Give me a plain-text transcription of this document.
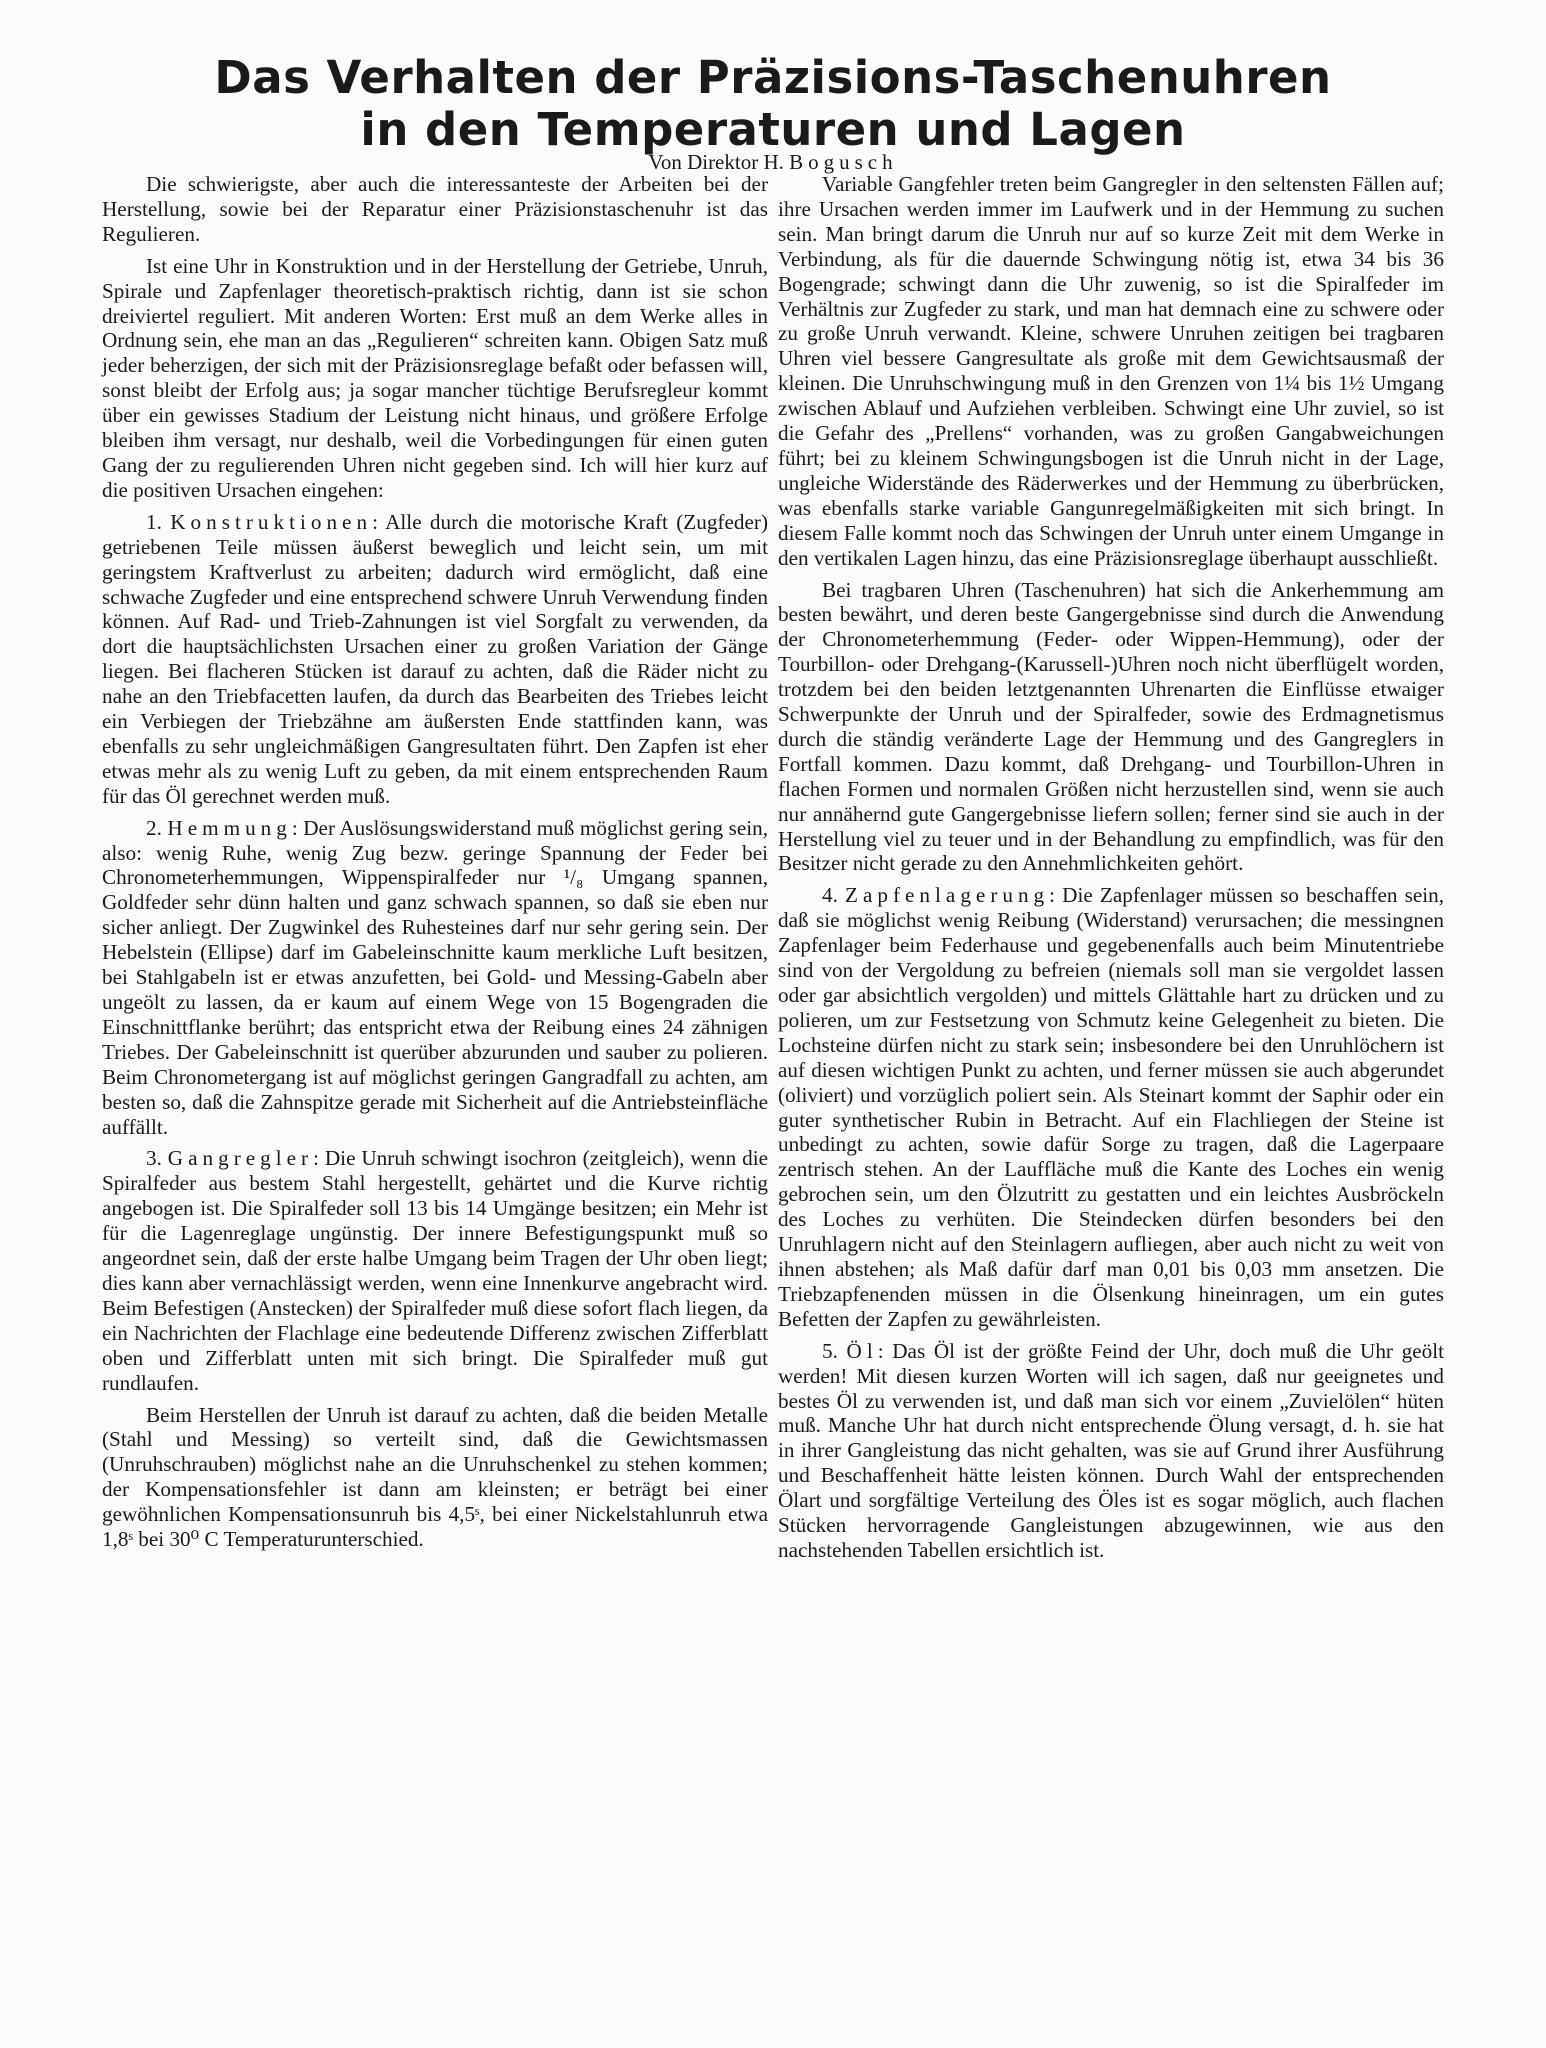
Das Verhalten der Präzisions-Taschenuhren
in den Temperaturen und Lagen
Von Direktor H. Bogusch

Die schwierigste, aber auch die interessanteste der Arbeiten bei der Herstellung, sowie bei der Reparatur einer Präzisionstaschenuhr ist das Regulieren.

Ist eine Uhr in Konstruktion und in der Herstellung der Getriebe, Unruh, Spirale und Zapfenlager theoretisch-praktisch richtig, dann ist sie schon dreiviertel reguliert. Mit anderen Worten: Erst muß an dem Werke alles in Ordnung sein, ehe man an das „Regulieren“ schreiten kann. Obigen Satz muß jeder beherzigen, der sich mit der Präzisionsreglage befaßt oder befassen will, sonst bleibt der Erfolg aus; ja sogar mancher tüchtige Berufsregleur kommt über ein gewisses Stadium der Leistung nicht hinaus, und größere Erfolge bleiben ihm versagt, nur deshalb, weil die Vorbedingungen für einen guten Gang der zu regulierenden Uhren nicht gegeben sind. Ich will hier kurz auf die positiven Ursachen eingehen:

1. Konstruktionen: Alle durch die motorische Kraft (Zugfeder) getriebenen Teile müssen äußerst beweglich und leicht sein, um mit geringstem Kraftverlust zu arbeiten; dadurch wird ermöglicht, daß eine schwache Zugfeder und eine entsprechend schwere Unruh Verwendung finden können. Auf Rad- und Trieb-Zahnungen ist viel Sorgfalt zu verwenden, da dort die hauptsächlichsten Ursachen einer zu großen Variation der Gänge liegen. Bei flacheren Stücken ist darauf zu achten, daß die Räder nicht zu nahe an den Triebfacetten laufen, da durch das Bearbeiten des Triebes leicht ein Verbiegen der Triebzähne am äußersten Ende stattfinden kann, was ebenfalls zu sehr ungleichmäßigen Gangresultaten führt. Den Zapfen ist eher etwas mehr als zu wenig Luft zu geben, da mit einem entsprechenden Raum für das Öl gerechnet werden muß.

2. Hemmung: Der Auslösungswiderstand muß möglichst gering sein, also: wenig Ruhe, wenig Zug bezw. geringe Spannung der Feder bei Chronometerhemmungen, Wippenspiralfeder nur ¹/₈ Umgang spannen, Goldfeder sehr dünn halten und ganz schwach spannen, so daß sie eben nur sicher anliegt. Der Zugwinkel des Ruhesteines darf nur sehr gering sein. Der Hebelstein (Ellipse) darf im Gabeleinschnitte kaum merkliche Luft besitzen, bei Stahlgabeln ist er etwas anzufetten, bei Gold- und Messing-Gabeln aber ungeölt zu lassen, da er kaum auf einem Wege von 15 Bogengraden die Einschnittflanke berührt; das entspricht etwa der Reibung eines 24 zähnigen Triebes. Der Gabeleinschnitt ist querüber abzurunden und sauber zu polieren. Beim Chronometergang ist auf möglichst geringen Gangradfall zu achten, am besten so, daß die Zahnspitze gerade mit Sicherheit auf die Antriebsteinfläche auffällt.

3. Gangregler: Die Unruh schwingt isochron (zeitgleich), wenn die Spiralfeder aus bestem Stahl hergestellt, gehärtet und die Kurve richtig angebogen ist. Die Spiralfeder soll 13 bis 14 Umgänge besitzen; ein Mehr ist für die Lagenreglage ungünstig. Der innere Befestigungspunkt muß so angeordnet sein, daß der erste halbe Umgang beim Tragen der Uhr oben liegt; dies kann aber vernachlässigt werden, wenn eine Innenkurve angebracht wird. Beim Befestigen (Anstecken) der Spiralfeder muß diese sofort flach liegen, da ein Nachrichten der Flachlage eine bedeutende Differenz zwischen Zifferblatt oben und Zifferblatt unten mit sich bringt. Die Spiralfeder muß gut rundlaufen.

Beim Herstellen der Unruh ist darauf zu achten, daß die beiden Metalle (Stahl und Messing) so verteilt sind, daß die Gewichtsmassen (Unruhschrauben) möglichst nahe an die Unruhschenkel zu stehen kommen; der Kompensationsfehler ist dann am kleinsten; er beträgt bei einer gewöhnlichen Kompensationsunruh bis 4,5ˢ, bei einer Nickelstahlunruh etwa 1,8ˢ bei 30⁰ C Temperaturunterschied.

Variable Gangfehler treten beim Gangregler in den seltensten Fällen auf; ihre Ursachen werden immer im Laufwerk und in der Hemmung zu suchen sein. Man bringt darum die Unruh nur auf so kurze Zeit mit dem Werke in Verbindung, als für die dauernde Schwingung nötig ist, etwa 34 bis 36 Bogengrade; schwingt dann die Uhr zuwenig, so ist die Spiralfeder im Verhältnis zur Zugfeder zu stark, und man hat demnach eine zu schwere oder zu große Unruh verwandt. Kleine, schwere Unruhen zeitigen bei tragbaren Uhren viel bessere Gangresultate als große mit dem Gewichtsausmaß der kleinen. Die Unruhschwingung muß in den Grenzen von 1¼ bis 1½ Umgang zwischen Ablauf und Aufziehen verbleiben. Schwingt eine Uhr zuviel, so ist die Gefahr des „Prellens“ vorhanden, was zu großen Gangabweichungen führt; bei zu kleinem Schwingungsbogen ist die Unruh nicht in der Lage, ungleiche Widerstände des Räderwerkes und der Hemmung zu überbrücken, was ebenfalls starke variable Gangunregelmäßigkeiten mit sich bringt. In diesem Falle kommt noch das Schwingen der Unruh unter einem Umgange in den vertikalen Lagen hinzu, das eine Präzisionsreglage überhaupt ausschließt.

Bei tragbaren Uhren (Taschenuhren) hat sich die Ankerhemmung am besten bewährt, und deren beste Gangergebnisse sind durch die Anwendung der Chronometerhemmung (Feder- oder Wippen-Hemmung), oder der Tourbillon- oder Drehgang-(Karussell-)Uhren noch nicht überflügelt worden, trotzdem bei den beiden letztgenannten Uhrenarten die Einflüsse etwaiger Schwerpunkte der Unruh und der Spiralfeder, sowie des Erdmagnetismus durch die ständig veränderte Lage der Hemmung und des Gangreglers in Fortfall kommen. Dazu kommt, daß Drehgang- und Tourbillon-Uhren in flachen Formen und normalen Größen nicht herzustellen sind, wenn sie auch nur annähernd gute Gangergebnisse liefern sollen; ferner sind sie auch in der Herstellung viel zu teuer und in der Behandlung zu empfindlich, was für den Besitzer nicht gerade zu den Annehmlichkeiten gehört.

4. Zapfenlagerung: Die Zapfenlager müssen so beschaffen sein, daß sie möglichst wenig Reibung (Widerstand) verursachen; die messingnen Zapfenlager beim Federhause und gegebenenfalls auch beim Minutentriebe sind von der Vergoldung zu befreien (niemals soll man sie vergoldet lassen oder gar absichtlich vergolden) und mittels Glättahle hart zu drücken und zu polieren, um zur Festsetzung von Schmutz keine Gelegenheit zu bieten. Die Lochsteine dürfen nicht zu stark sein; insbesondere bei den Unruhlöchern ist auf diesen wichtigen Punkt zu achten, und ferner müssen sie auch abgerundet (oliviert) und vorzüglich poliert sein. Als Steinart kommt der Saphir oder ein guter synthetischer Rubin in Betracht. Auf ein Flachliegen der Steine ist unbedingt zu achten, sowie dafür Sorge zu tragen, daß die Lagerpaare zentrisch stehen. An der Lauffläche muß die Kante des Loches ein wenig gebrochen sein, um den Ölzutritt zu gestatten und ein leichtes Ausbröckeln des Loches zu verhüten. Die Steindecken dürfen besonders bei den Unruhlagern nicht auf den Steinlagern aufliegen, aber auch nicht zu weit von ihnen abstehen; als Maß dafür darf man 0,01 bis 0,03 mm ansetzen. Die Triebzapfenenden müssen in die Ölsenkung hineinragen, um ein gutes Befetten der Zapfen zu gewährleisten.

5. Öl: Das Öl ist der größte Feind der Uhr, doch muß die Uhr geölt werden! Mit diesen kurzen Worten will ich sagen, daß nur geeignetes und bestes Öl zu verwenden ist, und daß man sich vor einem „Zuvielölen“ hüten muß. Manche Uhr hat durch nicht entsprechende Ölung versagt, d. h. sie hat in ihrer Gangleistung das nicht gehalten, was sie auf Grund ihrer Ausführung und Beschaffenheit hätte leisten können. Durch Wahl der entsprechenden Ölart und sorgfältige Verteilung des Öles ist es sogar möglich, auch flachen Stücken hervorragende Gangleistungen abzugewinnen, wie aus den nachstehenden Tabellen ersichtlich ist.
